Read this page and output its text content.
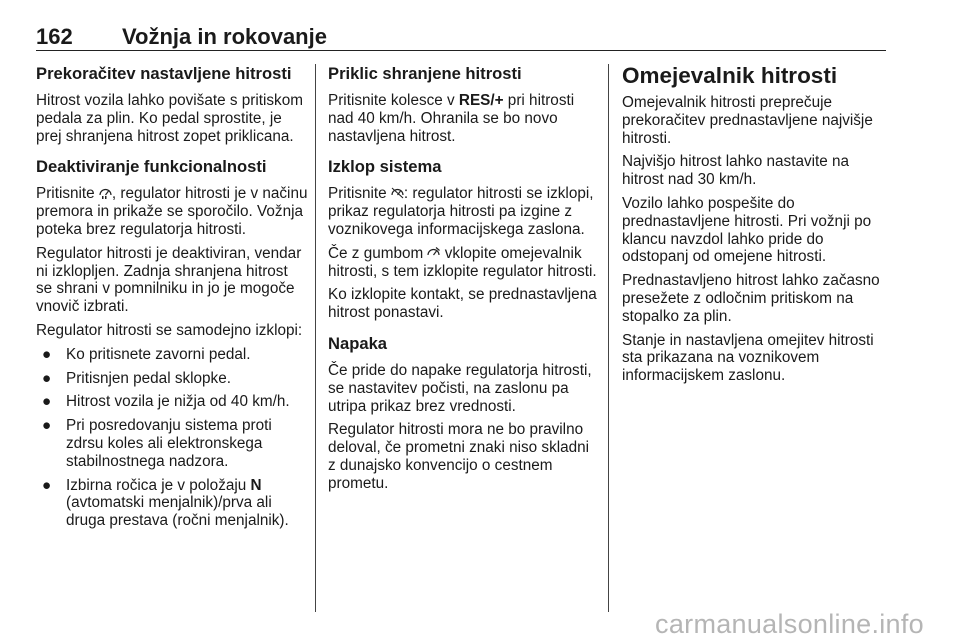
162 Vožnja in rokovanje
Prekoračitev nastavljene hitrosti

Hitrost vozila lahko povišate s pritiskom pedala za plin. Ko pedal sprostite, je prej shranjena hitrost zopet priklicana.

Deaktiviranje funkcionalnosti

Pritisnite
, regulator hitrosti je v načinu premora in prikaže se sporočilo. Vožnja poteka brez regulatorja hitrosti.

Regulator hitrosti je deaktiviran, vendar ni izklopljen. Zadnja shranjena hitrost se shrani v pomnilniku in jo je mogoče vnovič izbrati.

Regulator hitrosti se samodejno izklopi:

● Ko pritisnete zavorni pedal.
● Pritisnjen pedal sklopke.
● Hitrost vozila je nižja od 40 km/h.
● Pri posredovanju sistema proti zdrsu koles ali elektronskega stabilnostnega nadzora.
● Izbirna ročica je v položaju N (avtomatski menjalnik)/prva ali druga prestava (ročni menjalnik).
Priklic shranjene hitrosti

Pritisnite kolesce v RES/+ pri hitrosti nad 40 km/h. Ohranila se bo novo nastavljena hitrost.

Izklop sistema

Pritisnite
: regulator hitrosti se izklopi, prikaz regulatorja hitrosti pa izgine z voznikovega informacijskega zaslona.

Če z gumbom
vklopite omejevalnik hitrosti, s tem izklopite regulator hitrosti.

Ko izklopite kontakt, se prednastavljena hitrost ponastavi.

Napaka

Če pride do napake regulatorja hitrosti, se nastavitev počisti, na zaslonu pa utripa prikaz brez vrednosti.

Regulator hitrosti mora ne bo pravilno deloval, če prometni znaki niso skladni z dunajsko konvencijo o cestnem prometu.

Omejevalnik hitrosti

Omejevalnik hitrosti preprečuje prekoračitev prednastavljene najvišje hitrosti.

Najvišjo hitrost lahko nastavite na hitrost nad 30 km/h.

Vozilo lahko pospešite do prednastavljene hitrosti. Pri vožnji po klancu navzdol lahko pride do odstopanj od omejene hitrosti.

Prednastavljeno hitrost lahko začasno presežete z odločnim pritiskom na stopalko za plin.

Stanje in nastavljena omejitev hitrosti sta prikazana na voznikovem informacijskem zaslonu.

carmanualsonline.info
